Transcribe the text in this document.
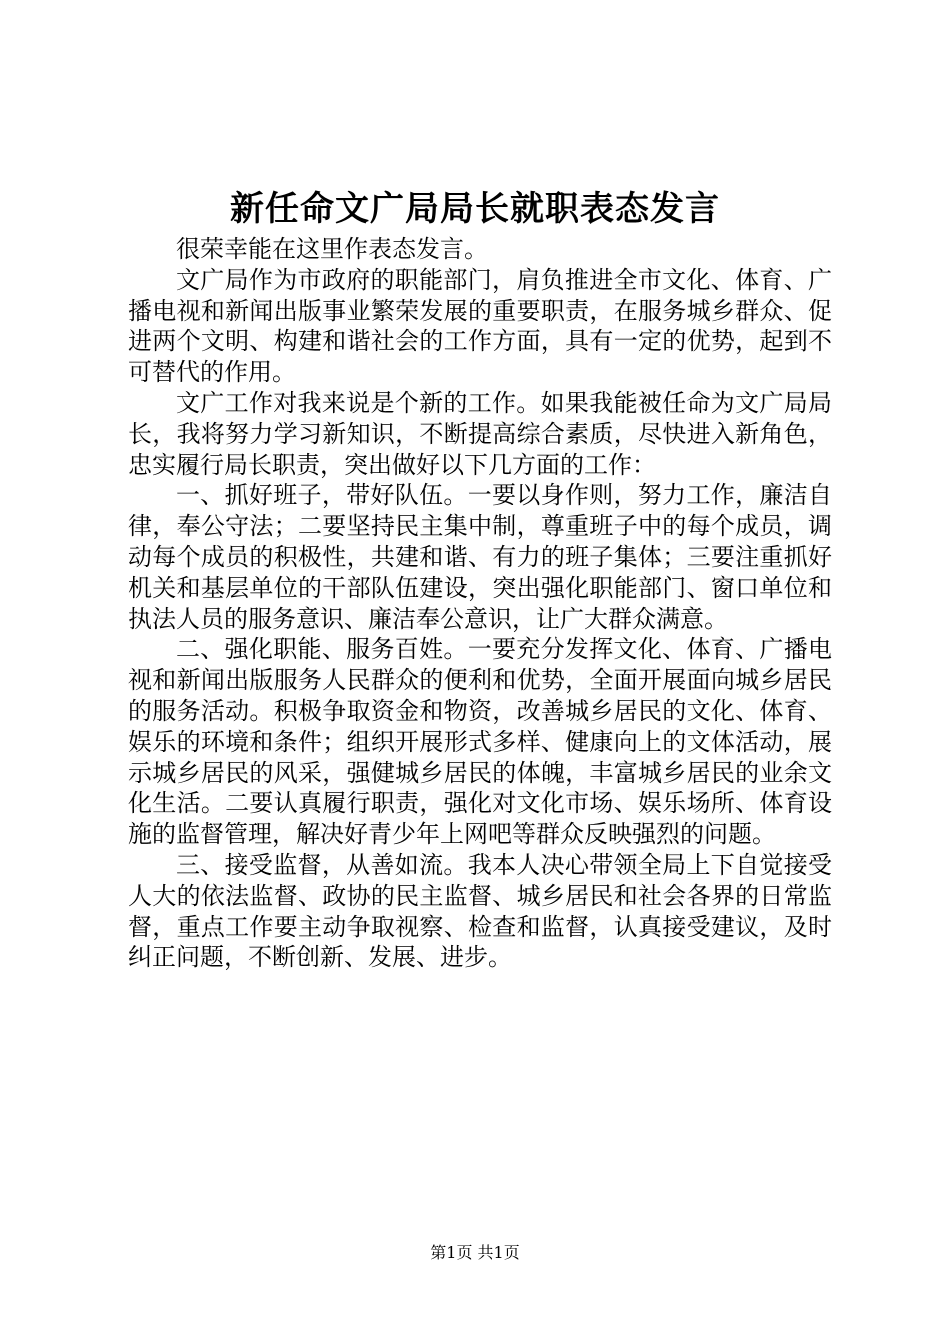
新任命文广局局长就职表态发言

很荣幸能在这里作表态发言。

文广局作为市政府的职能部门，肩负推进全市文化、体育、广播电视和新闻出版事业繁荣发展的重要职责，在服务城乡群众、促进两个文明、构建和谐社会的工作方面，具有一定的优势，起到不可替代的作用。

文广工作对我来说是个新的工作。如果我能被任命为文广局局长，我将努力学习新知识，不断提高综合素质，尽快进入新角色，忠实履行局长职责，突出做好以下几方面的工作：

一、抓好班子，带好队伍。一要以身作则，努力工作，廉洁自律，奉公守法；二要坚持民主集中制，尊重班子中的每个成员，调动每个成员的积极性，共建和谐、有力的班子集体；三要注重抓好机关和基层单位的干部队伍建设，突出强化职能部门、窗口单位和执法人员的服务意识、廉洁奉公意识，让广大群众满意。

二、强化职能、服务百姓。一要充分发挥文化、体育、广播电视和新闻出版服务人民群众的便利和优势，全面开展面向城乡居民的服务活动。积极争取资金和物资，改善城乡居民的文化、体育、娱乐的环境和条件；组织开展形式多样、健康向上的文体活动，展示城乡居民的风采，强健城乡居民的体魄，丰富城乡居民的业余文化生活。二要认真履行职责，强化对文化市场、娱乐场所、体育设施的监督管理，解决好青少年上网吧等群众反映强烈的问题。

三、接受监督，从善如流。我本人决心带领全局上下自觉接受人大的依法监督、政协的民主监督、城乡居民和社会各界的日常监督，重点工作要主动争取视察、检查和监督，认真接受建议，及时纠正问题，不断创新、发展、进步。

第1页 共1页
